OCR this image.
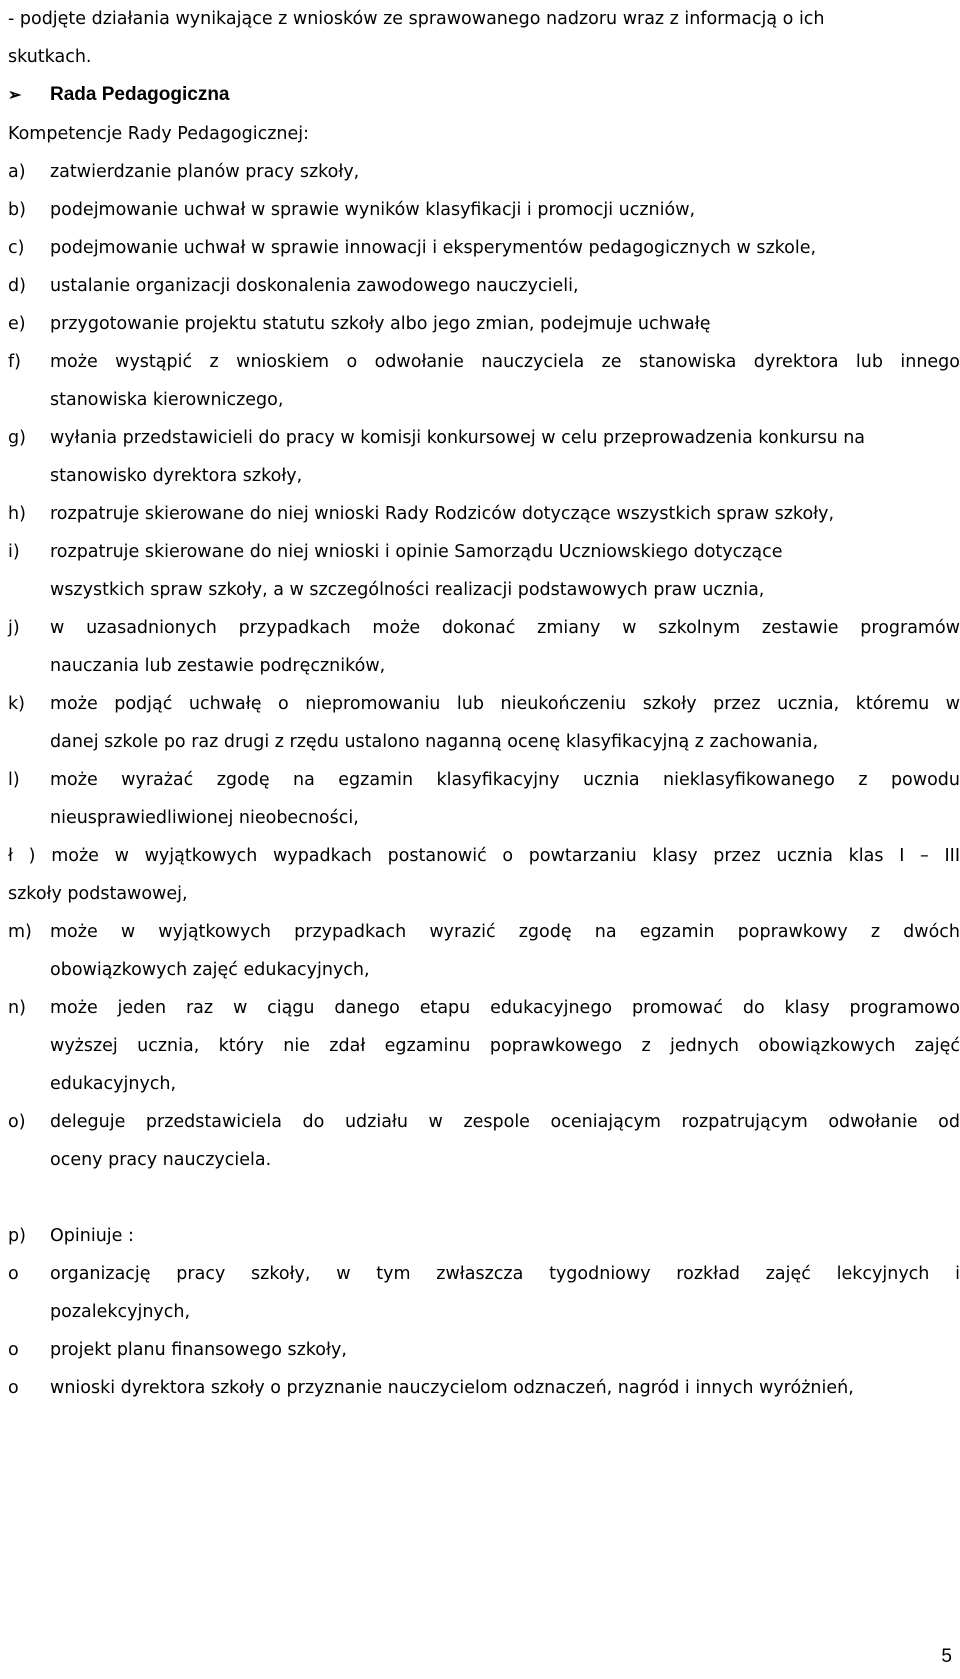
- podjęte działania wynikające z wniosków ze sprawowanego nadzoru wraz z informacją o ich
skutkach.
➢ Rada Pedagogiczna
Kompetencje Rady Pedagogicznej:
a)	zatwierdzanie planów pracy szkoły,
b)	podejmowanie uchwał w sprawie wyników klasyfikacji i promocji uczniów,
c)	podejmowanie uchwał w sprawie innowacji i eksperymentów pedagogicznych w szkole,
d)	ustalanie organizacji doskonalenia zawodowego nauczycieli,
e)	przygotowanie projektu statutu szkoły albo jego zmian, podejmuje uchwałę
f)	może wystąpić z wnioskiem o odwołanie nauczyciela ze stanowiska dyrektora lub innego
stanowiska kierowniczego,
g)	wyłania przedstawicieli do pracy w komisji konkursowej w celu przeprowadzenia konkursu na
stanowisko dyrektora szkoły,
h)	rozpatruje skierowane do niej wnioski Rady Rodziców dotyczące wszystkich spraw szkoły,
i)	rozpatruje skierowane do niej wnioski i opinie Samorządu Uczniowskiego dotyczące
wszystkich spraw szkoły, a w szczególności realizacji podstawowych praw ucznia,
j)	w uzasadnionych przypadkach może dokonać zmiany w szkolnym zestawie programów
nauczania lub zestawie podręczników,
k)	może podjąć uchwałę o niepromowaniu lub nieukończeniu szkoły przez ucznia, któremu w
danej szkole po raz drugi z rzędu ustalono naganną ocenę klasyfikacyjną z zachowania,
l)	może wyrażać zgodę na egzamin klasyfikacyjny ucznia nieklasyfikowanego z powodu
nieusprawiedliwionej nieobecności,
ł ) może w wyjątkowych wypadkach postanowić o powtarzaniu klasy przez ucznia klas I – III
szkoły podstawowej,
m)	może w wyjątkowych przypadkach wyrazić zgodę na egzamin poprawkowy z dwóch
obowiązkowych zajęć edukacyjnych,
n)	może jeden raz w ciągu danego etapu edukacyjnego promować do klasy programowo
wyższej ucznia, który nie zdał egzaminu poprawkowego z jednych obowiązkowych zajęć
edukacyjnych,
o)	deleguje przedstawiciela do udziału w zespole oceniającym rozpatrującym odwołanie od
oceny pracy nauczyciela.
p)	Opiniuje :
o	organizację pracy szkoły, w tym zwłaszcza tygodniowy rozkład zajęć lekcyjnych i
pozalekcyjnych,
o	projekt planu finansowego szkoły,
o	wnioski dyrektora szkoły o przyznanie nauczycielom odznaczeń, nagród i innych wyróżnień,
5
